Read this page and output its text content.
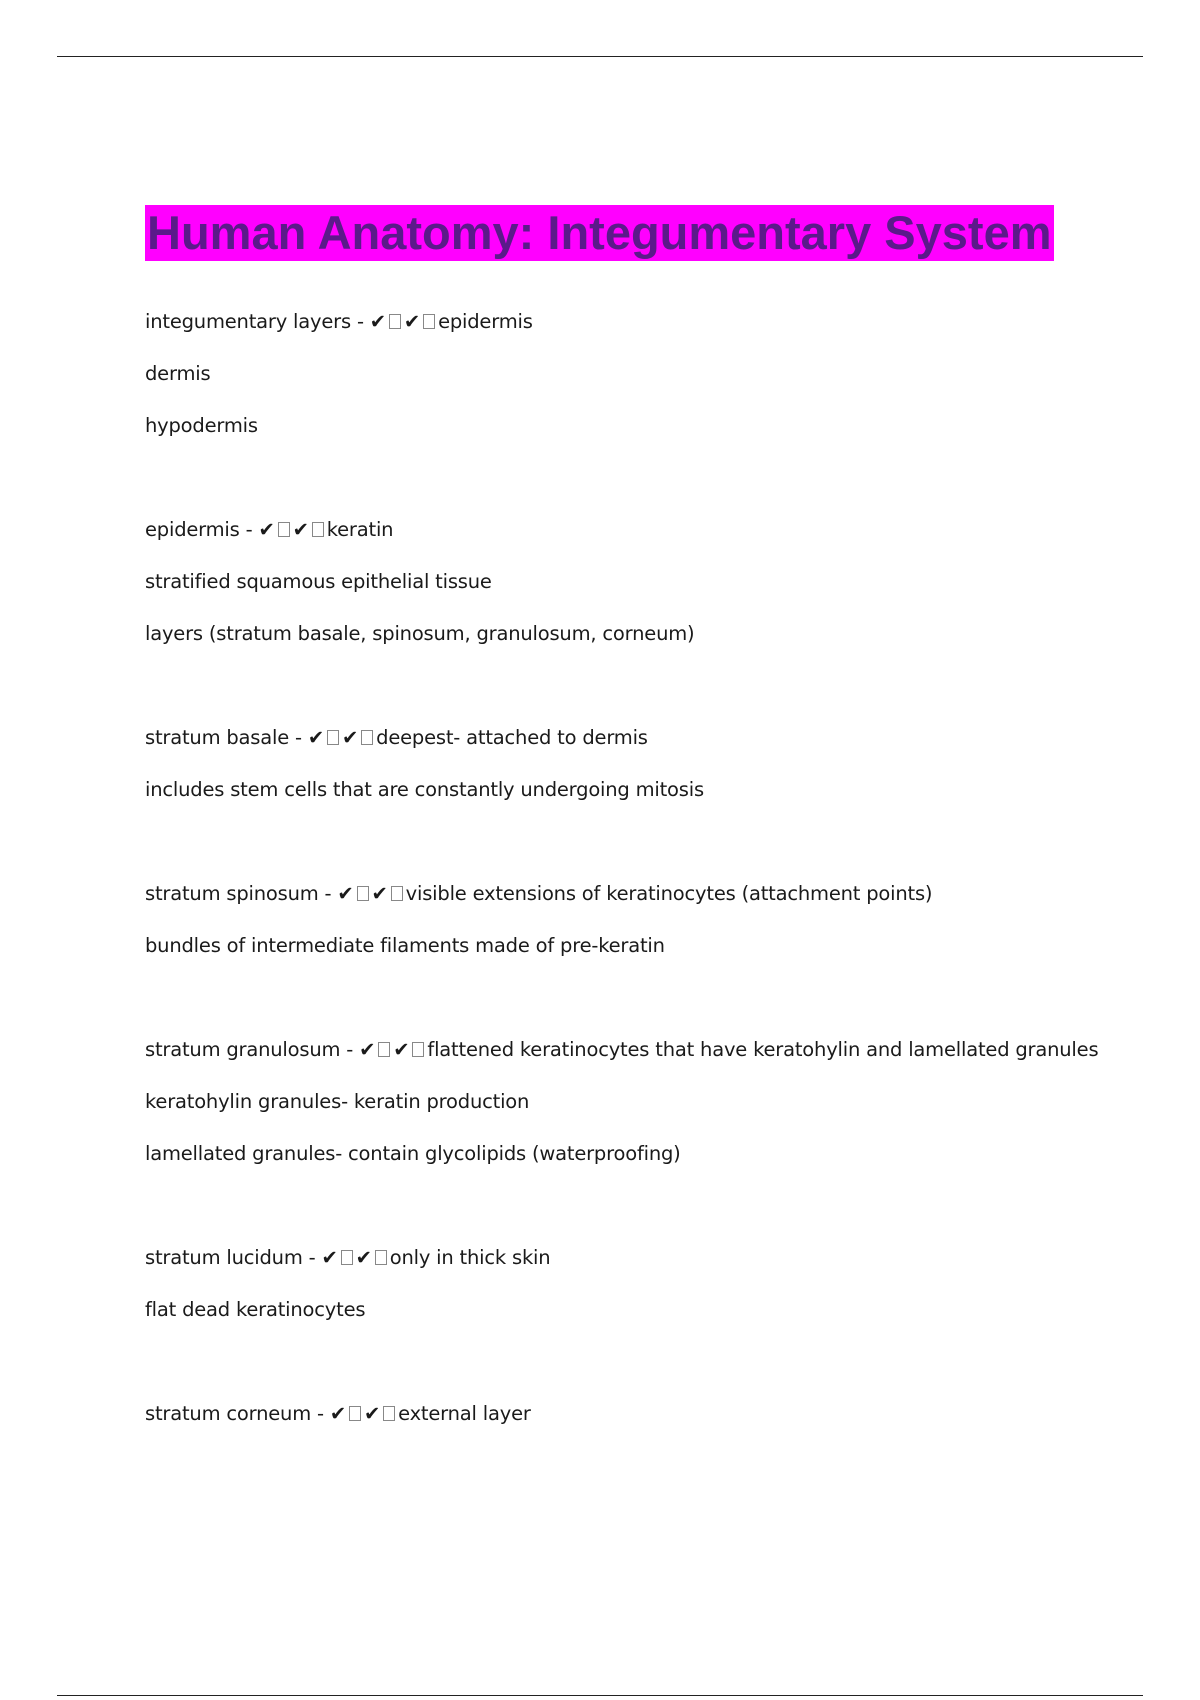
Human Anatomy: Integumentary System

integumentary layers - ✔ ✔ epidermis

dermis

hypodermis

epidermis - ✔ ✔ keratin

stratified squamous epithelial tissue

layers (stratum basale, spinosum, granulosum, corneum)

stratum basale - ✔ ✔ deepest- attached to dermis

includes stem cells that are constantly undergoing mitosis

stratum spinosum - ✔ ✔ visible extensions of keratinocytes (attachment points)

bundles of intermediate filaments made of pre-keratin

stratum granulosum - ✔ ✔ flattened keratinocytes that have keratohylin and lamellated granules

keratohylin granules- keratin production

lamellated granules- contain glycolipids (waterproofing)

stratum lucidum - ✔ ✔ only in thick skin

flat dead keratinocytes

stratum corneum - ✔ ✔ external layer
